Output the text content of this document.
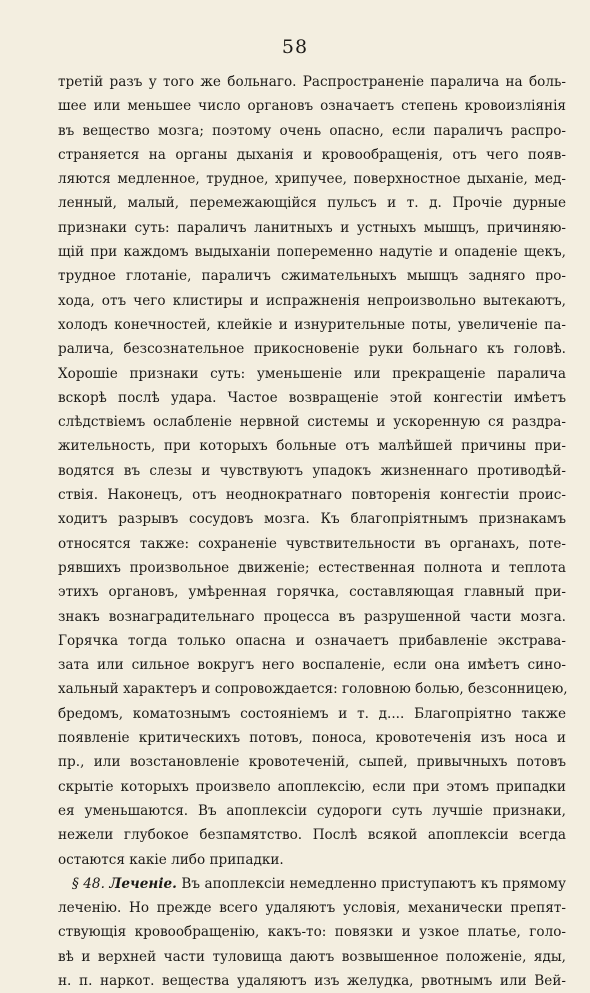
58
третій разъ у того же больнаго. Распространеніе паралича на боль-
шее или меньшее число органовъ означаетъ степень кровоизліянія
въ вещество мозга; поэтому очень опасно, если параличъ распро-
страняется на органы дыханія и кровообращенія, отъ чего появ-
ляются медленное, трудное, хрипучее, поверхностное дыханіе, мед-
ленный, малый, перемежающійся пульсъ и т. д. Прочіе дурные
признаки суть: параличъ ланитныхъ и устныхъ мышцъ, причиняю-
щій при каждомъ выдыханіи попеременно надутіе и опаденіе щекъ,
трудное глотаніе, параличъ сжимательныхъ мышцъ задняго про-
хода, отъ чего клистиры и испражненія непроизвольно вытекаютъ,
холодъ конечностей, клейкіе и изнурительные поты, увеличеніе па-
ралича, безсознательное прикосновеніе руки больнаго къ головѣ.
Хорошіе признаки суть: уменьшеніе или прекращеніе паралича
вскорѣ послѣ удара. Частое возвращеніе этой конгестіи имѣетъ
слѣдствіемъ ослабленіе нервной системы и ускоренную ся раздра-
жительность, при которыхъ больные отъ малѣйшей причины при-
водятся въ слезы и чувствуютъ упадокъ жизненнаго противодѣй-
ствія. Наконецъ, отъ неоднократнаго повторенія конгестіи проис-
ходитъ разрывъ сосудовъ мозга. Къ благопріятнымъ признакамъ
относятся также: сохраненіе чувствительности въ органахъ, поте-
рявшихъ произвольное движеніе; естественная полнота и теплота
этихъ органовъ, умѣренная горячка, составляющая главный при-
знакъ вознаградительнаго процесса въ разрушенной части мозга.
Горячка тогда только опасна и означаетъ прибавленіе экстрава-
зата или сильное вокругъ него воспаленіе, если она имѣетъ сино-
хальный характеръ и сопровождается: головною болью, безсонницею,
бредомъ, коматознымъ состояніемъ и т. д.... Благопріятно также
появленіе критическихъ потовъ, поноса, кровотеченія изъ носа и
пр., или возстановленіе кровотеченій, сыпей, привычныхъ потовъ
скрытіе которыхъ произвело апоплексію, если при этомъ припадки
ея уменьшаются. Въ апоплексіи судороги суть лучшіе признаки,
нежели глубокое безпамятство. Послѣ всякой апоплексіи всегда
остаются какіе либо припадки.
§ 48. Леченіе. Въ апоплексіи немедленно приступаютъ къ прямому
леченію. Но прежде всего удаляютъ условія, механически препят-
ствующія кровообращенію, какъ-то: повязки и узкое платье, голо-
вѣ и верхней части туловища даютъ возвышенное положеніе, яды,
н. п. наркот. вещества удаляютъ изъ желудка, рвотнымъ или Вей-
